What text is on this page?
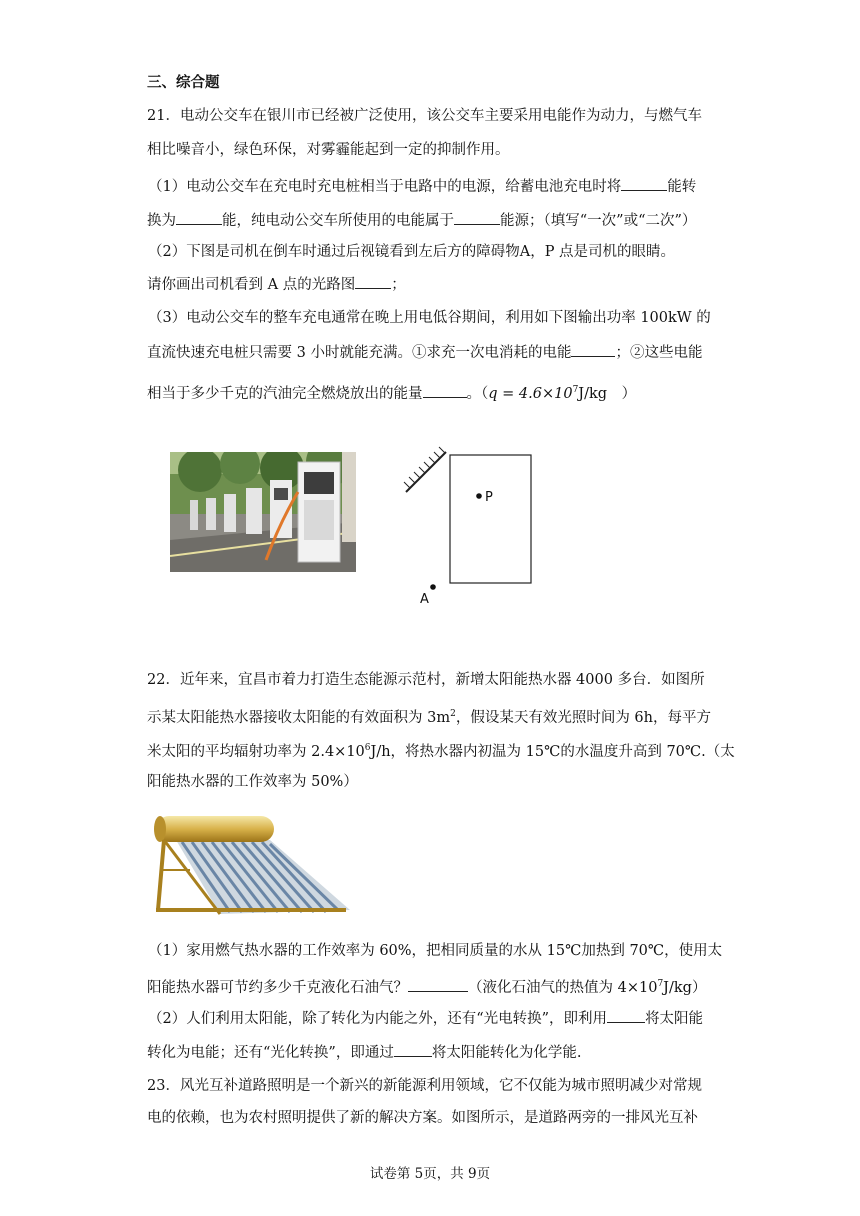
三、综合题
21．电动公交车在银川市已经被广泛使用，该公交车主要采用电能作为动力，与燃气车
相比噪音小，绿色环保，对雾霾能起到一定的抑制作用。
（1）电动公交车在充电时充电桩相当于电路中的电源，给蓄电池充电时将	能转
换为	能，纯电动公交车所使用的电能属于	能源；（填写“一次”或“二次”）
（2）下图是司机在倒车时通过后视镜看到左后方的障碍物A，P 点是司机的眼睛。
请你画出司机看到 A 点的光路图 ；
（3）电动公交车的整车充电通常在晚上用电低谷期间，利用如下图输出功率 100kW 的
直流快速充电桩只需要 3 小时就能充满。①求充一次电消耗的电能	；②这些电能
相当于多少千克的汽油完全燃烧放出的能量	。（$q = 4.6\times 10^7J/kg$　）
P
A
22．近年来，宜昌市着力打造生态能源示范村，新增太阳能热水器 4000 多台．如图所
示某太阳能热水器接收太阳能的有效面积为 $3m^2$，假设某天有效光照时间为 6h，每平方
米太阳的平均辐射功率为 $2.4\times 10^6J/h$，将热水器内初温为 15℃的水温度升高到 70℃.（太
阳能热水器的工作效率为 50%）
（1）家用燃气热水器的工作效率为 60%，把相同质量的水从 15℃加热到 70℃，使用太
阳能热水器可节约多少千克液化石油气？	（液化石油气的热值为 $4\times 10^7J/kg$）
（2）人们利用太阳能，除了转化为内能之外，还有“光电转换”，即利用	将太阳能
转化为电能；还有“光化转换”，即通过	将太阳能转化为化学能.
23．风光互补道路照明是一个新兴的新能源利用领域，它不仅能为城市照明减少对常规
电的依赖，也为农村照明提供了新的解决方案。如图所示，是道路两旁的一排风光互补
试卷第 5页，共 9页
